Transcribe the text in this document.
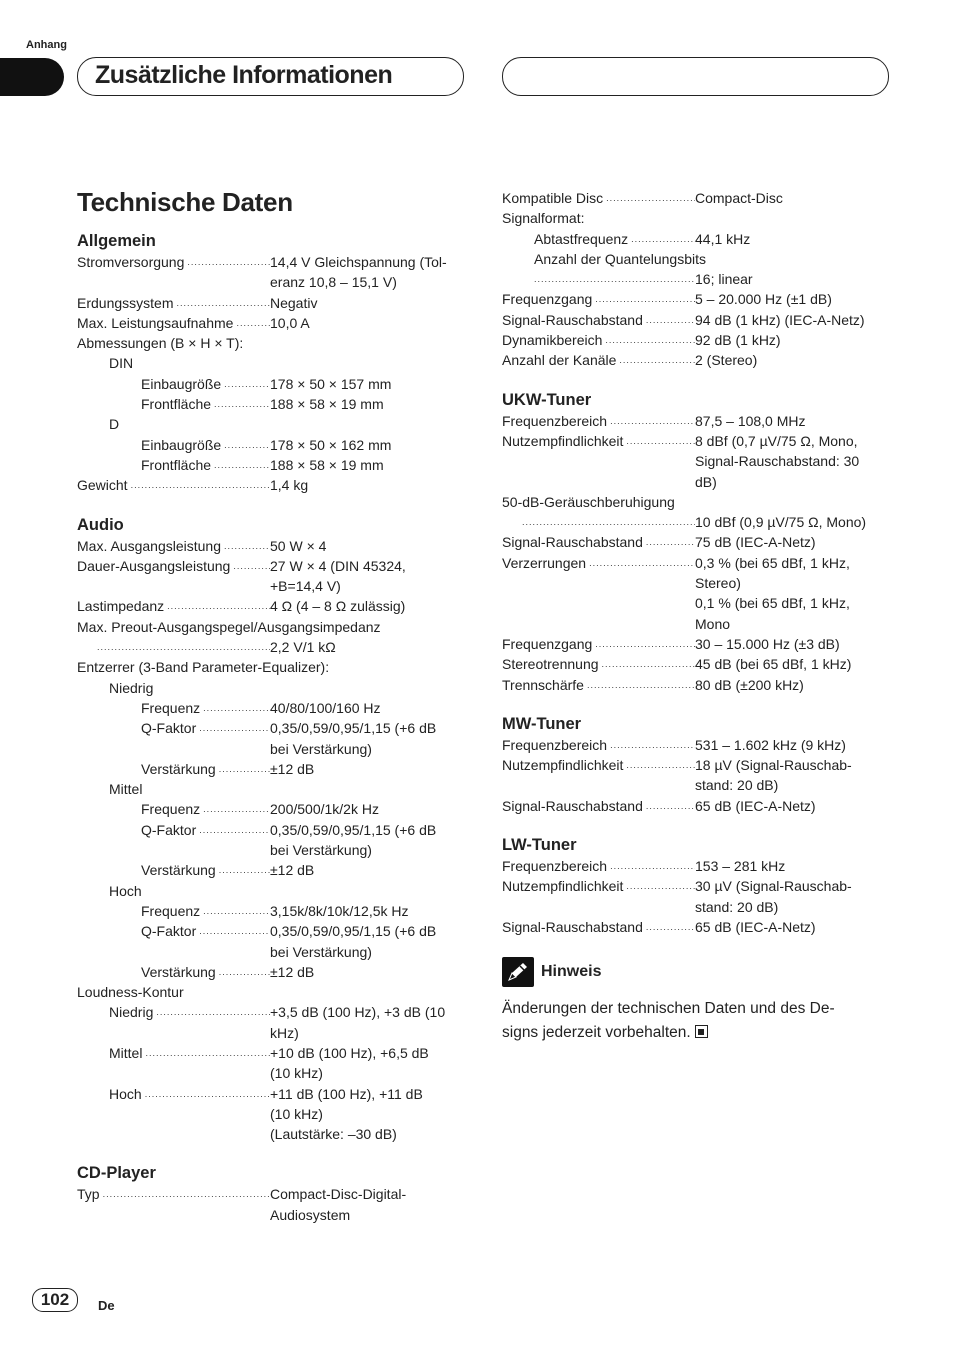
Anhang
Zusätzliche Informationen
Technische Daten
Allgemein
Stromversorgung .....	14,4 V Gleichspannung (Tol-
eranz 10,8 – 15,1 V)
Erdungssystem .....	Negativ
Max. Leistungsaufnahme .....	10,0 A
Abmessungen (B × H × T):
DIN
Einbaugröße .....	178 × 50 × 157 mm
Frontfläche .....	188 × 58 × 19 mm
D
Einbaugröße .....	178 × 50 × 162 mm
Frontfläche .....	188 × 58 × 19 mm
Gewicht .....	1,4 kg
Audio
Max. Ausgangsleistung .....	50 W × 4
Dauer-Ausgangsleistung .....	27 W × 4 (DIN 45324,
+B=14,4 V)
Lastimpedanz .....	4 Ω (4 – 8 Ω zulässig)
Max. Preout-Ausgangspegel/Ausgangsimpedanz
.....
2,2 V/1 kΩ
Entzerrer (3-Band Parameter-Equalizer):
Niedrig
Frequenz .....	40/80/100/160 Hz
Q-Faktor .....	0,35/0,59/0,95/1,15 (+6 dB
bei Verstärkung)
Verstärkung .....	±12 dB
Mittel
Frequenz .....	200/500/1k/2k Hz
Q-Faktor .....	0,35/0,59/0,95/1,15 (+6 dB
bei Verstärkung)
Verstärkung .....	±12 dB
Hoch
Frequenz .....	3,15k/8k/10k/12,5k Hz
Q-Faktor .....	0,35/0,59/0,95/1,15 (+6 dB
bei Verstärkung)
Verstärkung .....	±12 dB
Loudness-Kontur
Niedrig .....	+3,5 dB (100 Hz), +3 dB (10
kHz)
Mittel .....	+10 dB (100 Hz), +6,5 dB
(10 kHz)
Hoch .....	+11 dB (100 Hz), +11 dB
(10 kHz)
(Lautstärke: –30 dB)
CD-Player
Typ .....	Compact-Disc-Digital-
Audiosystem
Kompatible Disc .....	Compact-Disc
Signalformat:
Abtastfrequenz .....	44,1 kHz
Anzahl der Quantelungsbits
.....
16; linear
Frequenzgang .....	5 – 20.000 Hz (±1 dB)
Signal-Rauschabstand .....	94 dB (1 kHz) (IEC-A-Netz)
Dynamikbereich .....	92 dB (1 kHz)
Anzahl der Kanäle .....	2 (Stereo)
UKW-Tuner
Frequenzbereich .....	87,5 – 108,0 MHz
Nutzempfindlichkeit .....	8 dBf (0,7 µV/75 Ω, Mono,
Signal-Rauschabstand: 30
dB)
50-dB-Geräuschberuhigung
.....
10 dBf (0,9 µV/75 Ω, Mono)
Signal-Rauschabstand .....	75 dB (IEC-A-Netz)
Verzerrungen .....	0,3 % (bei 65 dBf, 1 kHz,
Stereo)
0,1 % (bei 65 dBf, 1 kHz,
Mono
Frequenzgang .....	30 – 15.000 Hz (±3 dB)
Stereotrennung .....	45 dB (bei 65 dBf, 1 kHz)
Trennschärfe .....	80 dB (±200 kHz)
MW-Tuner
Frequenzbereich .....	531 – 1.602 kHz (9 kHz)
Nutzempfindlichkeit .....	18 µV (Signal-Rauschab-
stand: 20 dB)
Signal-Rauschabstand .....	65 dB (IEC-A-Netz)
LW-Tuner
Frequenzbereich .....	153 – 281 kHz
Nutzempfindlichkeit .....	30 µV (Signal-Rauschab-
stand: 20 dB)
Signal-Rauschabstand .....	65 dB (IEC-A-Netz)
Hinweis
Änderungen der technischen Daten und des De-
signs jederzeit vorbehalten.
102	De
